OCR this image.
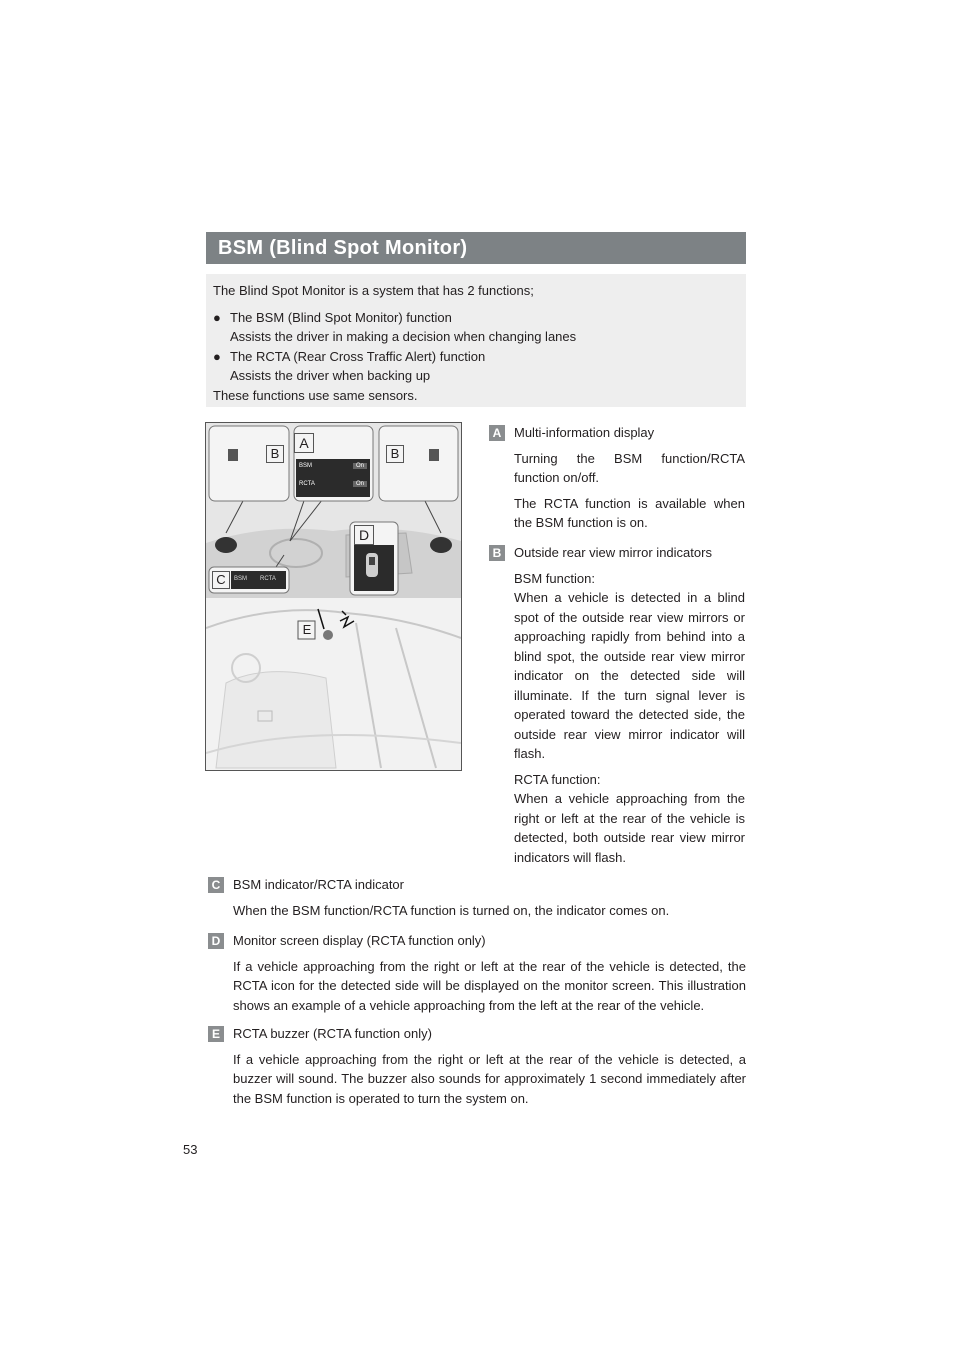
BSM (Blind Spot Monitor)
The Blind Spot Monitor is a system that has 2 functions;
● The BSM (Blind Spot Monitor) function
Assists the driver in making a decision when changing lanes
● The RCTA (Rear Cross Traffic Alert) function
Assists the driver when backing up
These functions use same sensors.
A
B	B
D
C
E
BSM	On
RCTA	On
BSM RCTA
A Multi-information display

Turning the BSM function/RCTA function on/off.

The RCTA function is available when the BSM function is on.

B Outside rear view mirror indicators

BSM function:

When a vehicle is detected in a blind spot of the outside rear view mirrors or approaching rapidly from behind into a blind spot, the outside rear view mirror indicator on the detected side will illuminate. If the turn signal lever is operated toward the detected side, the outside rear view mirror indicator will flash.

RCTA function:

When a vehicle approaching from the right or left at the rear of the vehicle is detected, both outside rear view mirror indicators will flash.

C BSM indicator/RCTA indicator

When the BSM function/RCTA function is turned on, the indicator comes on.

D Monitor screen display (RCTA function only)

If a vehicle approaching from the right or left at the rear of the vehicle is detected, the RCTA icon for the detected side will be displayed on the monitor screen. This illustration shows an example of a vehicle approaching from the left at the rear of the vehicle.

E	RCTA buzzer (RCTA function only)

If a vehicle approaching from the right or left at the rear of the vehicle is detected, a buzzer will sound. The buzzer also sounds for approximately 1 second immediately after the BSM function is operated to turn the system on.

53
